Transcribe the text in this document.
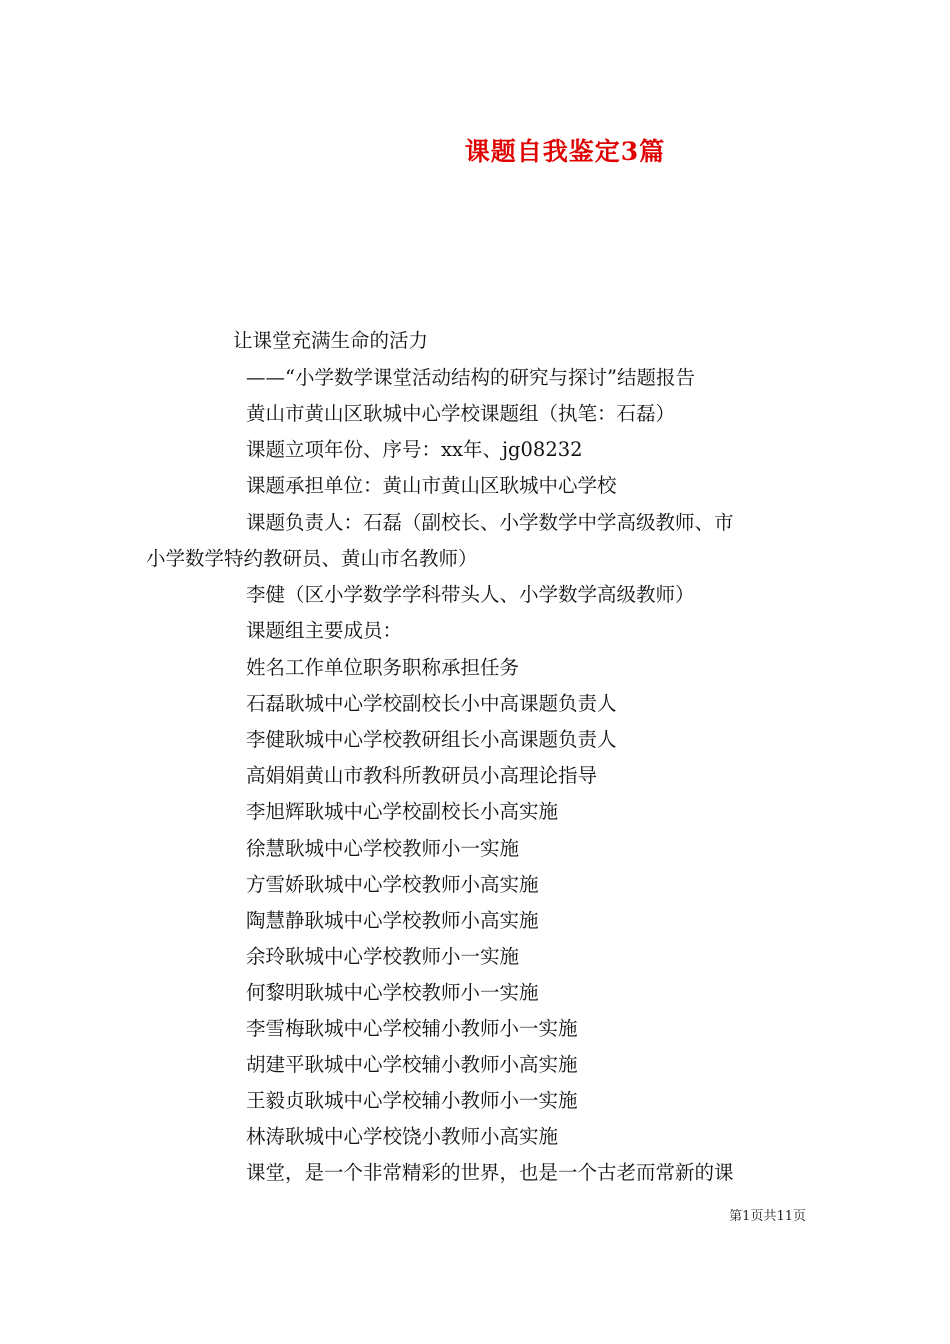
课题自我鉴定3篇
让课堂充满生命的活力
——“小学数学课堂活动结构的研究与探讨”结题报告
黄山市黄山区耿城中心学校课题组（执笔：石磊）
课题立项年份、序号：xx年、jg08232
课题承担单位：黄山市黄山区耿城中心学校
课题负责人：石磊（副校长、小学数学中学高级教师、市
小学数学特约教研员、黄山市名教师）
李健（区小学数学学科带头人、小学数学高级教师）
课题组主要成员：
姓名工作单位职务职称承担任务
石磊耿城中心学校副校长小中高课题负责人
李健耿城中心学校教研组长小高课题负责人
高娟娟黄山市教科所教研员小高理论指导
李旭辉耿城中心学校副校长小高实施
徐慧耿城中心学校教师小一实施
方雪娇耿城中心学校教师小高实施
陶慧静耿城中心学校教师小高实施
余玲耿城中心学校教师小一实施
何黎明耿城中心学校教师小一实施
李雪梅耿城中心学校辅小教师小一实施
胡建平耿城中心学校辅小教师小高实施
王毅贞耿城中心学校辅小教师小一实施
林涛耿城中心学校饶小教师小高实施
课堂，是一个非常精彩的世界，也是一个古老而常新的课
第1页共11页
